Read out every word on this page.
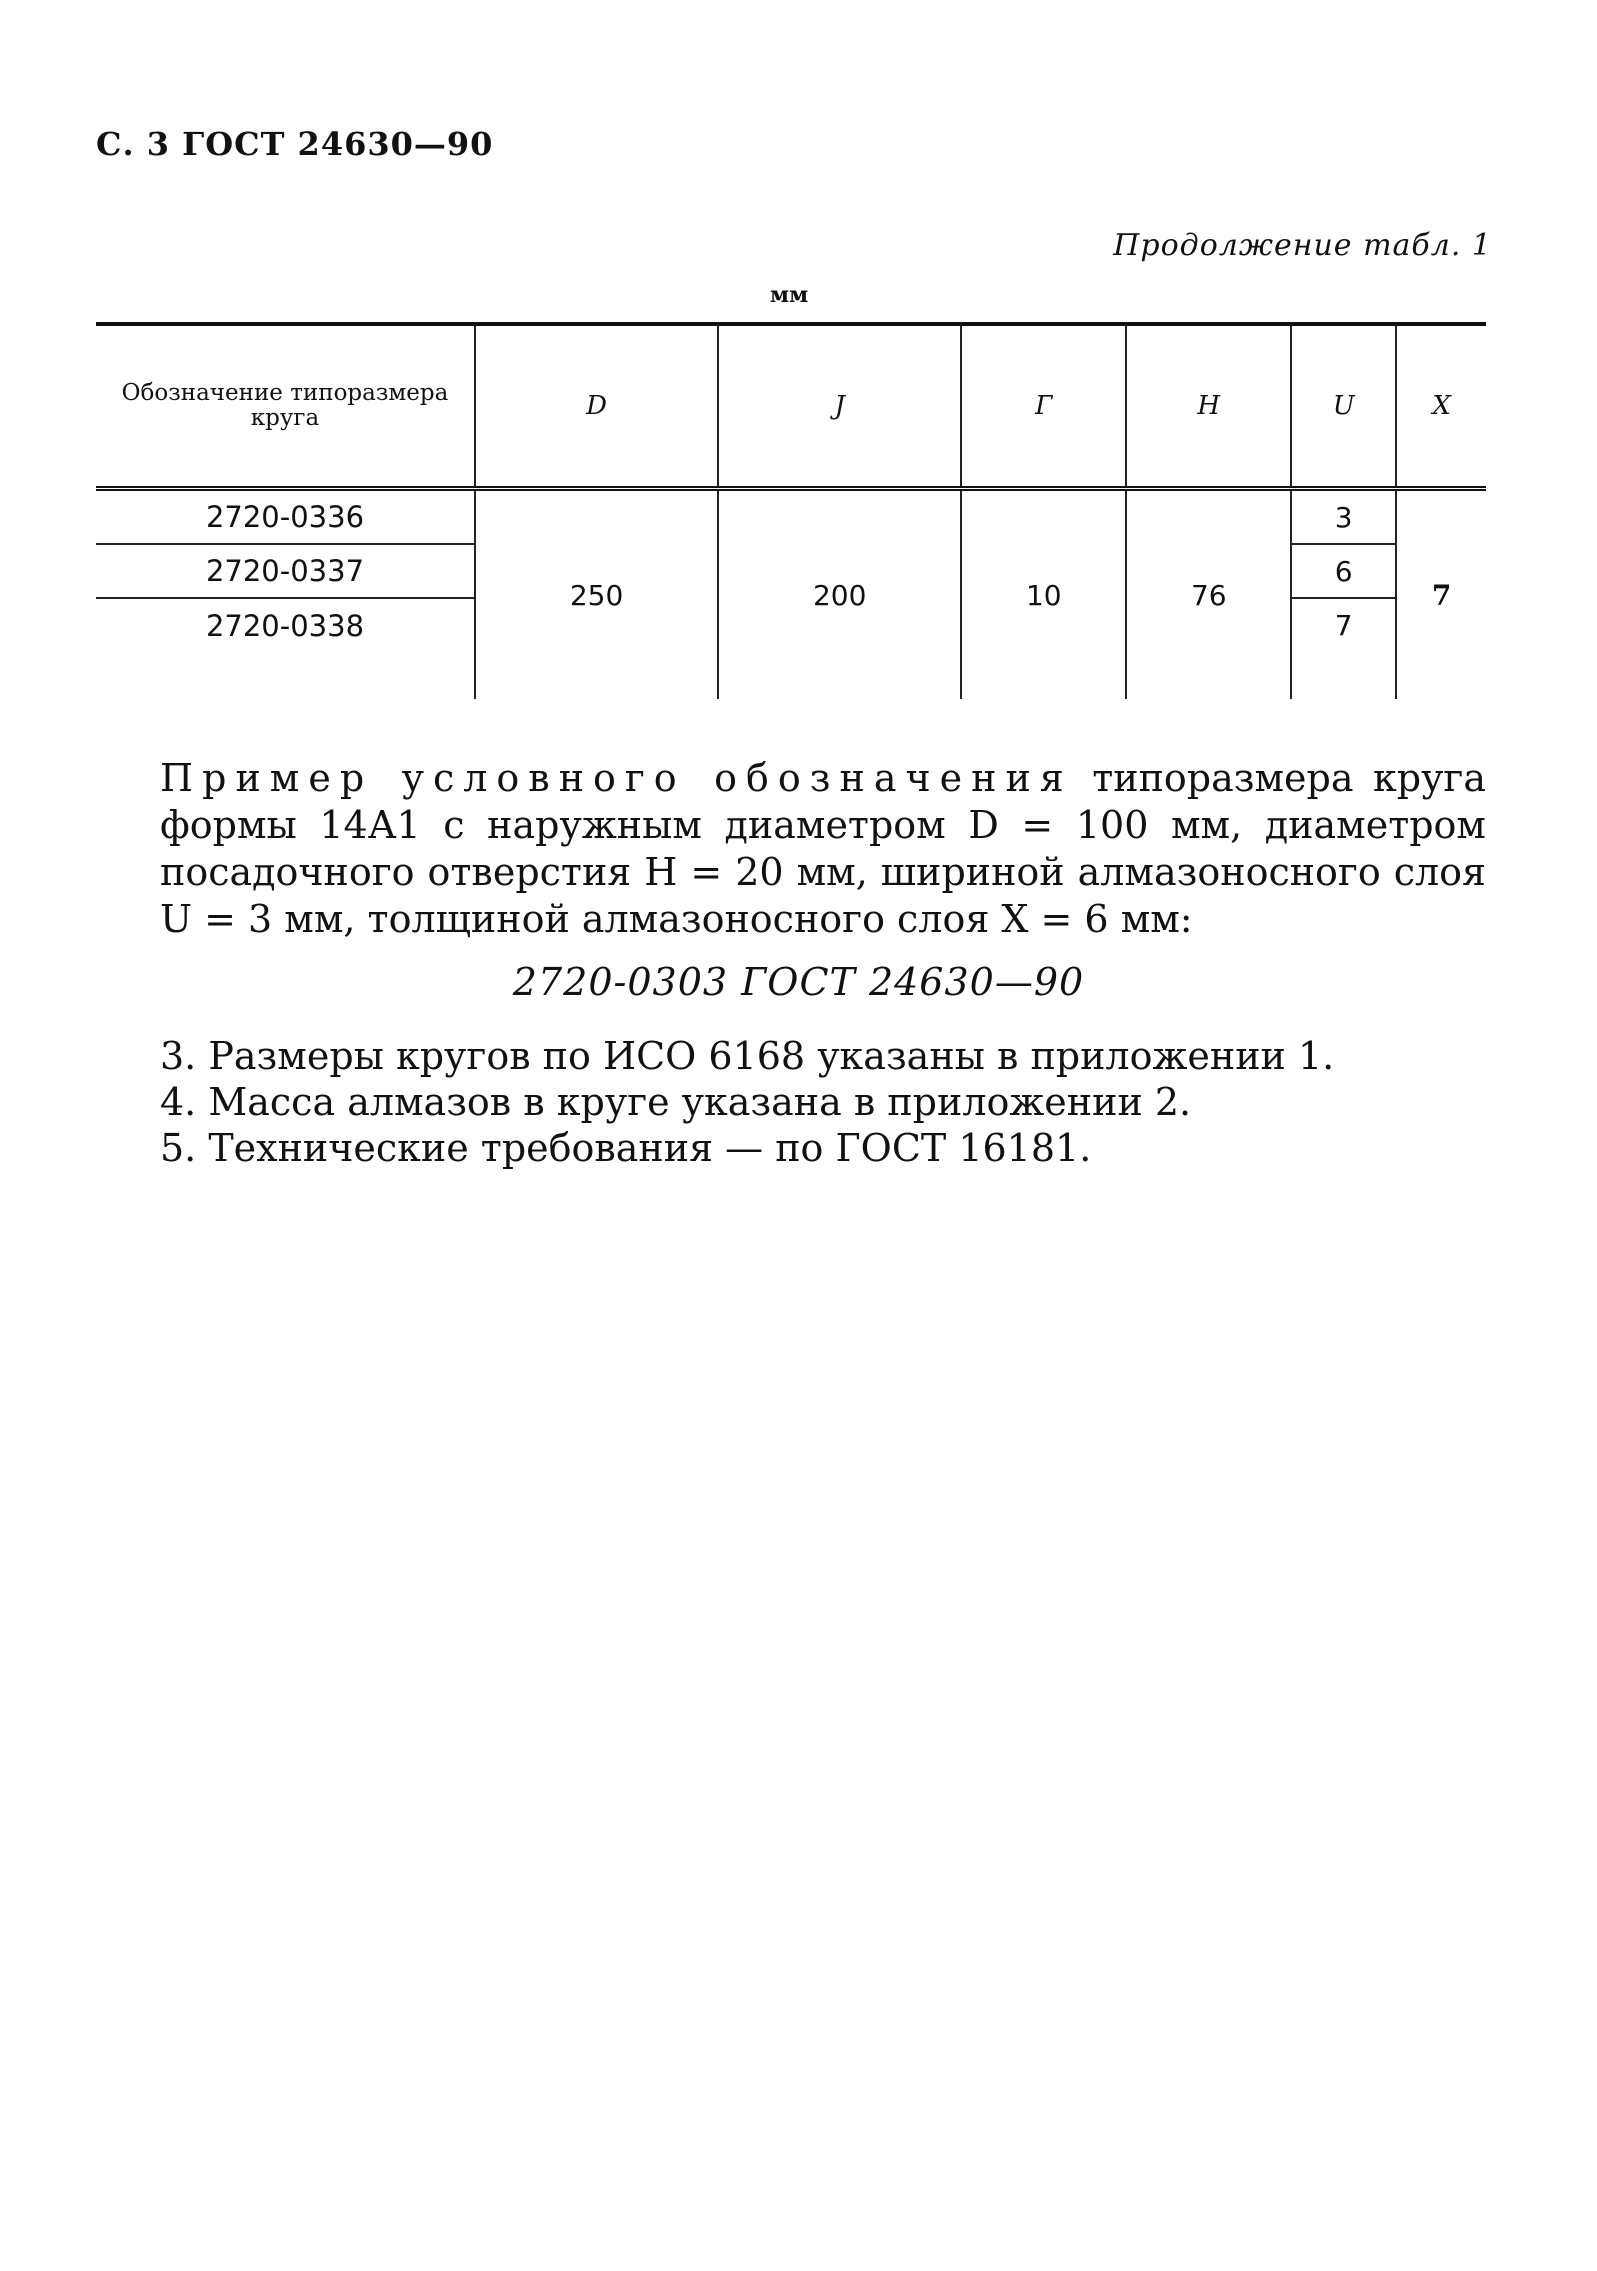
С. 3 ГОСТ 24630—90
Продолжение табл. 1
мм
Обозначение типоразмера круга	D	J	Г	H	U	X
2720-0336	250	200	10	76	3	7
2720-0337					6	
2720-0338					7	
Пример условного обозначения типоразмера круга формы 14А1 с наружным диаметром D = 100 мм, диаметром посадочного отверстия H = 20 мм, шириной алмазоносного слоя U = 3 мм, толщиной алмазоносного слоя X = 6 мм:
2720-0303 ГОСТ 24630—90
3. Размеры кругов по ИСО 6168 указаны в приложении 1.
4. Масса алмазов в круге указана в приложении 2.
5. Технические требования — по ГОСТ 16181.
